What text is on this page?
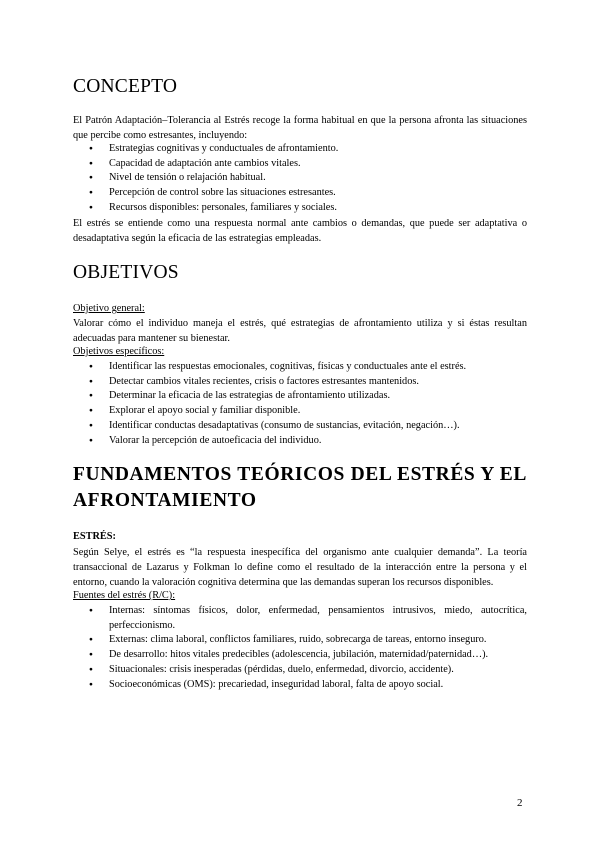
CONCEPTO

El Patrón Adaptación–Tolerancia al Estrés recoge la forma habitual en que la persona afronta las situaciones que percibe como estresantes, incluyendo:

● Estrategias cognitivas y conductuales de afrontamiento.
● Capacidad de adaptación ante cambios vitales.
● Nivel de tensión o relajación habitual.
● Percepción de control sobre las situaciones estresantes.
● Recursos disponibles: personales, familiares y sociales.

El estrés se entiende como una respuesta normal ante cambios o demandas, que puede ser adaptativa o desadaptativa según la eficacia de las estrategias empleadas.

OBJETIVOS

Objetivo general:

Valorar cómo el individuo maneja el estrés, qué estrategias de afrontamiento utiliza y si éstas resultan adecuadas para mantener su bienestar.

Objetivos específicos:

● Identificar las respuestas emocionales, cognitivas, físicas y conductuales ante el estrés.
● Detectar cambios vitales recientes, crisis o factores estresantes mantenidos.
● Determinar la eficacia de las estrategias de afrontamiento utilizadas.
● Explorar el apoyo social y familiar disponible.
● Identificar conductas desadaptativas (consumo de sustancias, evitación, negación…).
● Valorar la percepción de autoeficacia del individuo.
FUNDAMENTOS TEÓRICOS DEL ESTRÉS Y EL AFRONTAMIENTO

ESTRÉS:

Según Selye, el estrés es “la respuesta inespecífica del organismo ante cualquier demanda”. La teoría transaccional de Lazarus y Folkman lo define como el resultado de la interacción entre la persona y el entorno, cuando la valoración cognitiva determina que las demandas superan los recursos disponibles.

Fuentes del estrés (R/C):

● Internas: síntomas físicos, dolor, enfermedad, pensamientos intrusivos, miedo, autocrítica, perfeccionismo.
● Externas: clima laboral, conflictos familiares, ruido, sobrecarga de tareas, entorno inseguro.
● De desarrollo: hitos vitales predecibles (adolescencia, jubilación, maternidad/paternidad…).
● Situacionales: crisis inesperadas (pérdidas, duelo, enfermedad, divorcio, accidente).
● Socioeconómicas (OMS): precariedad, inseguridad laboral, falta de apoyo social.
2
